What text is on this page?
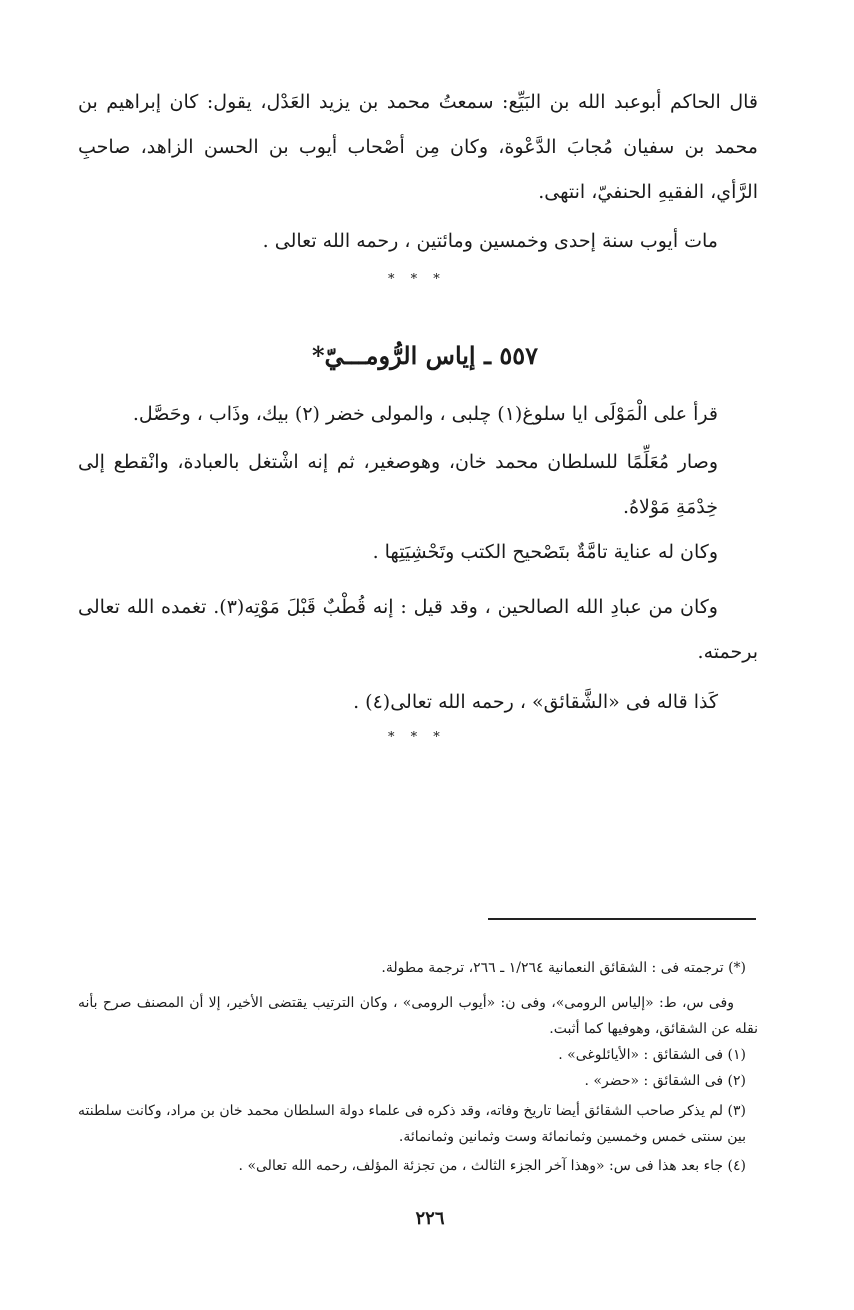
قال الحاكم أبوعبد الله بن البَيِّع: سمعتُ محمد بن يزيد العَدْل، يقول: كان إبراهيم بن محمد بن سفيان مُجابَ الدَّعْوة، وكان مِن أصْحاب أيوب بن الحسن الزاهد، صاحبِ الرَّأي، الفقيهِ الحنفيّ، انتهى.
مات أيوب سنة إحدى وخمسين ومائتين ، رحمه الله تعالى .
* * *
٥٥٧ ـ إياس الرُّومـــيّ*
قرأ على الْمَوْلَى ايا سلوغ(١) چلبى ، والمولى خضر (٢) بيك، وذَاب ، وحَصَّل.
وصار مُعَلِّمًا للسلطان محمد خان، وهوصغير، ثم إنه اشْتغل بالعبادة، وانْقطع إلى خِدْمَةِ مَوْلاهُ.
وكان له عناية تامَّةٌ بتَصْحيح الكتب وتَحْشِيَتِها .
وكان من عبادِ الله الصالحين ، وقد قيل : إنه قُطْبٌ قَبْلَ مَوْتِه(٣). تغمده الله تعالى برحمته.
كَذا قاله فى «الشَّقائق» ، رحمه الله تعالى(٤) .
* * *
(*) ترجمته فى : الشقائق النعمانية ١/٢٦٤ ـ ٢٦٦، ترجمة مطولة.
وفى س، ط: «إلياس الرومى»، وفى ن: «أيوب الرومى» ، وكان الترتيب يقتضى الأخير، إلا أن المصنف صرح بأنه نقله عن الشقائق، وهوفيها كما أثبت.
(١) فى الشقائق : «الأيائلوغى» .
(٢) فى الشقائق : «حضر» .
(٣) لم يذكر صاحب الشقائق أيضا تاريخ وفاته، وقد ذكره فى علماء دولة السلطان محمد خان بن مراد، وكانت سلطنته بين سنتى خمس وخمسين وثمانمائة وست وثمانين وثمانمائة.
(٤) جاء بعد هذا فى س: «وهذا آخر الجزء الثالث ، من تجزئة المؤلف، رحمه الله تعالى» .
٢٢٦
